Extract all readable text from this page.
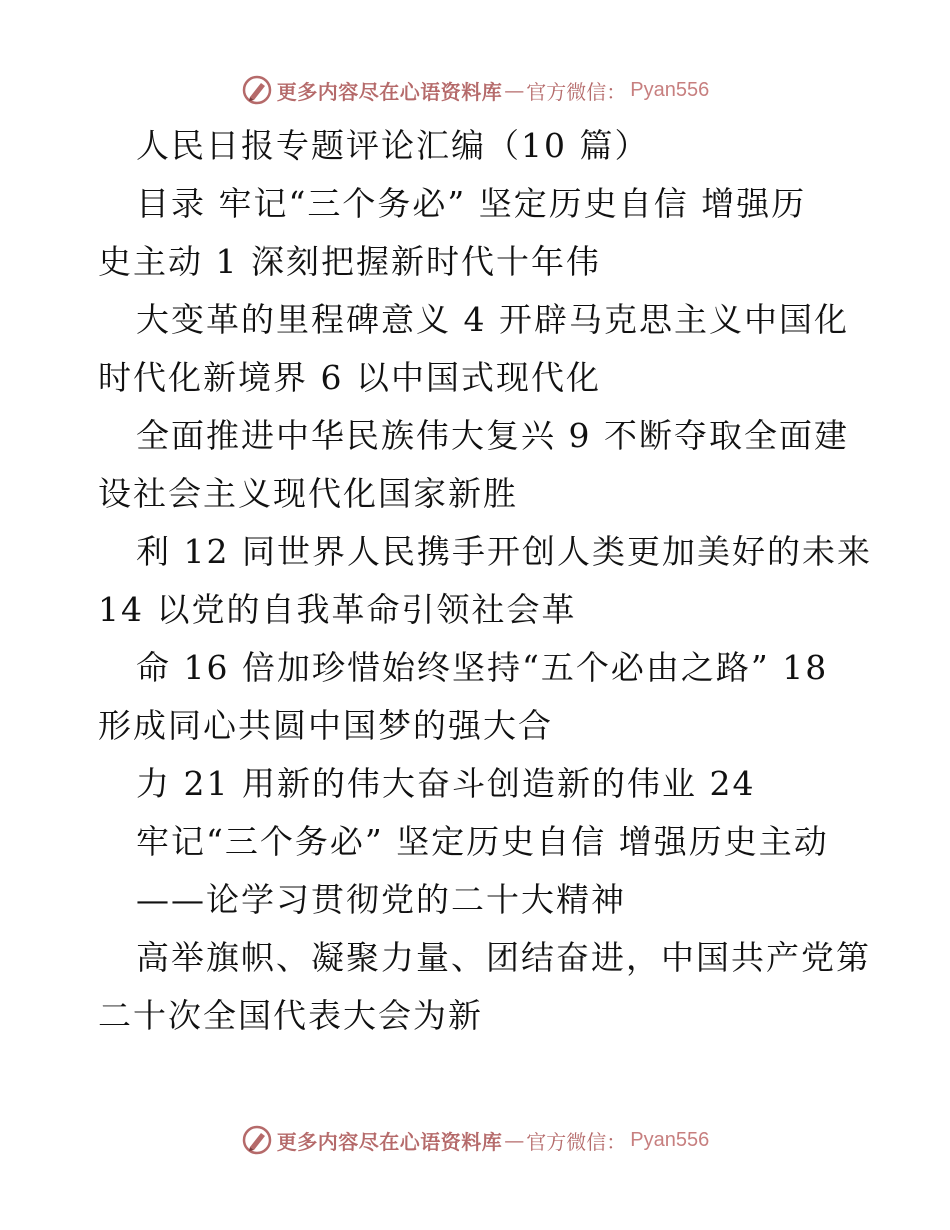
更多内容尽在心语资料库 — 官方微信： Pyan556
人民日报专题评论汇编（10 篇）
目录 牢记“三个务必” 坚定历史自信 增强历
史主动 1 深刻把握新时代十年伟
大变革的里程碑意义 4 开辟马克思主义中国化
时代化新境界 6 以中国式现代化
全面推进中华民族伟大复兴 9 不断夺取全面建
设社会主义现代化国家新胜
利 12 同世界人民携手开创人类更加美好的未来
14 以党的自我革命引领社会革
命 16 倍加珍惜始终坚持“五个必由之路” 18
形成同心共圆中国梦的强大合
力 21 用新的伟大奋斗创造新的伟业 24
牢记“三个务必” 坚定历史自信 增强历史主动
——论学习贯彻党的二十大精神
高举旗帜、凝聚力量、团结奋进，中国共产党第
二十次全国代表大会为新
更多内容尽在心语资料库 — 官方微信： Pyan556
